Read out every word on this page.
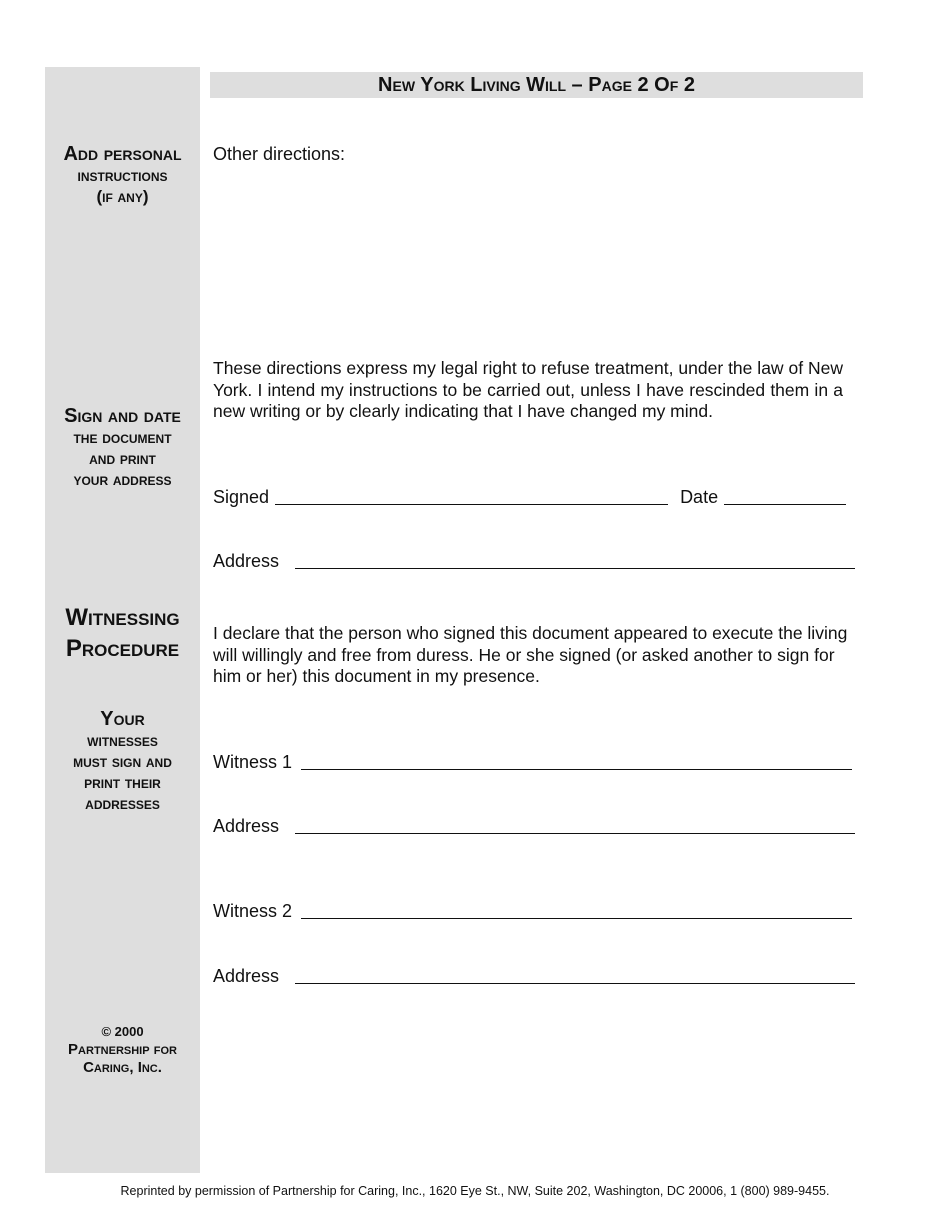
New York Living Will – Page 2 Of 2
Add personal
instructions
(if any)
Sign and date
the document
and print
your address
Witnessing
Procedure
Your
witnesses
must sign and
print their
addresses
© 2000
Partnership for
Caring, Inc.
Other directions:
These directions express my legal right to refuse treatment, under the law of New York. I intend my instructions to be carried out, unless I have rescinded them in a new writing or by clearly indicating that I have changed my mind.
Signed	Date
Address
I declare that the person who signed this document appeared to execute the living will willingly and free from duress. He or she signed (or asked another to sign for him or her) this document in my presence.
Witness 1
Address
Witness 2
Address
Reprinted by permission of Partnership for Caring, Inc., 1620 Eye St., NW, Suite 202, Washington, DC 20006, 1 (800) 989-9455.
